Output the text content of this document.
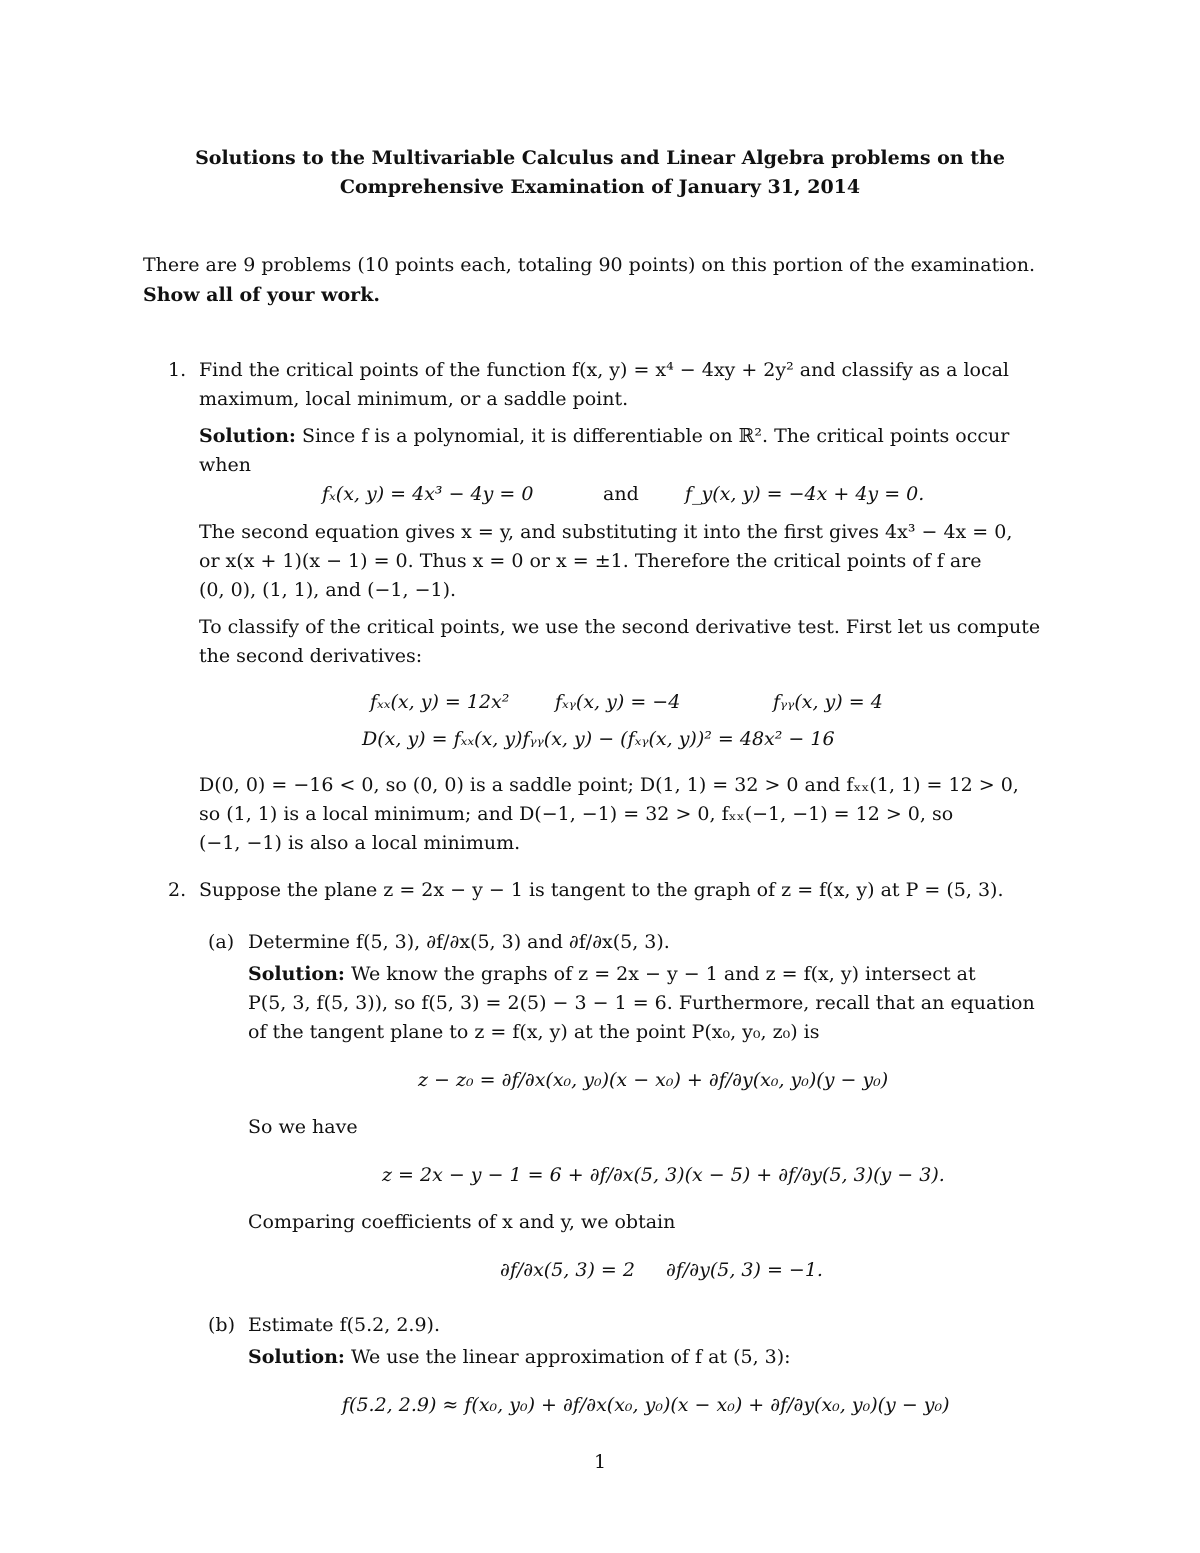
Solutions to the Multivariable Calculus and Linear Algebra problems on the
Comprehensive Examination of January 31, 2014
There are 9 problems (10 points each, totaling 90 points) on this portion of the examination.
Show all of your work.
1. Find the critical points of the function f(x, y) = x⁴ − 4xy + 2y² and classify as a local
maximum, local minimum, or a saddle point.
Solution: Since f is a polynomial, it is differentiable on ℝ². The critical points occur
when
fₓ(x, y) = 4x³ − 4y = 0	and f_y(x, y) = −4x + 4y = 0.
The second equation gives x = y, and substituting it into the first gives 4x³ − 4x = 0,
or x(x + 1)(x − 1) = 0. Thus x = 0 or x = ±1. Therefore the critical points of f are
(0, 0), (1, 1), and (−1, −1).
To classify of the critical points, we use the second derivative test. First let us compute
the second derivatives:
fₓₓ(x, y) = 12x² fₓᵧ(x, y) = −4	fᵧᵧ(x, y) = 4
D(x, y) = fₓₓ(x, y)fᵧᵧ(x, y) − (fₓᵧ(x, y))² = 48x² − 16
D(0, 0) = −16 < 0, so (0, 0) is a saddle point; D(1, 1) = 32 > 0 and fₓₓ(1, 1) = 12 > 0,
so (1, 1) is a local minimum; and D(−1, −1) = 32 > 0, fₓₓ(−1, −1) = 12 > 0, so
(−1, −1) is also a local minimum.
2. Suppose the plane z = 2x − y − 1 is tangent to the graph of z = f(x, y) at P = (5, 3).
(a) Determine f(5, 3), ∂f/∂x(5, 3) and ∂f/∂x(5, 3).
Solution: We know the graphs of z = 2x − y − 1 and z = f(x, y) intersect at
P(5, 3, f(5, 3)), so f(5, 3) = 2(5) − 3 − 1 = 6. Furthermore, recall that an equation
of the tangent plane to z = f(x, y) at the point P(x₀, y₀, z₀) is
z − z₀ = ∂f/∂x(x₀, y₀)(x − x₀) + ∂f/∂y(x₀, y₀)(y − y₀)
So we have
z = 2x − y − 1 = 6 + ∂f/∂x(5, 3)(x − 5) + ∂f/∂y(5, 3)(y − 3).
Comparing coefficients of x and y, we obtain
∂f/∂x(5, 3) = 2 ∂f/∂y(5, 3) = −1.
(b) Estimate f(5.2, 2.9).
Solution: We use the linear approximation of f at (5, 3):
f(5.2, 2.9) ≈ f(x₀, y₀) + ∂f/∂x(x₀, y₀)(x − x₀) + ∂f/∂y(x₀, y₀)(y − y₀)
1
